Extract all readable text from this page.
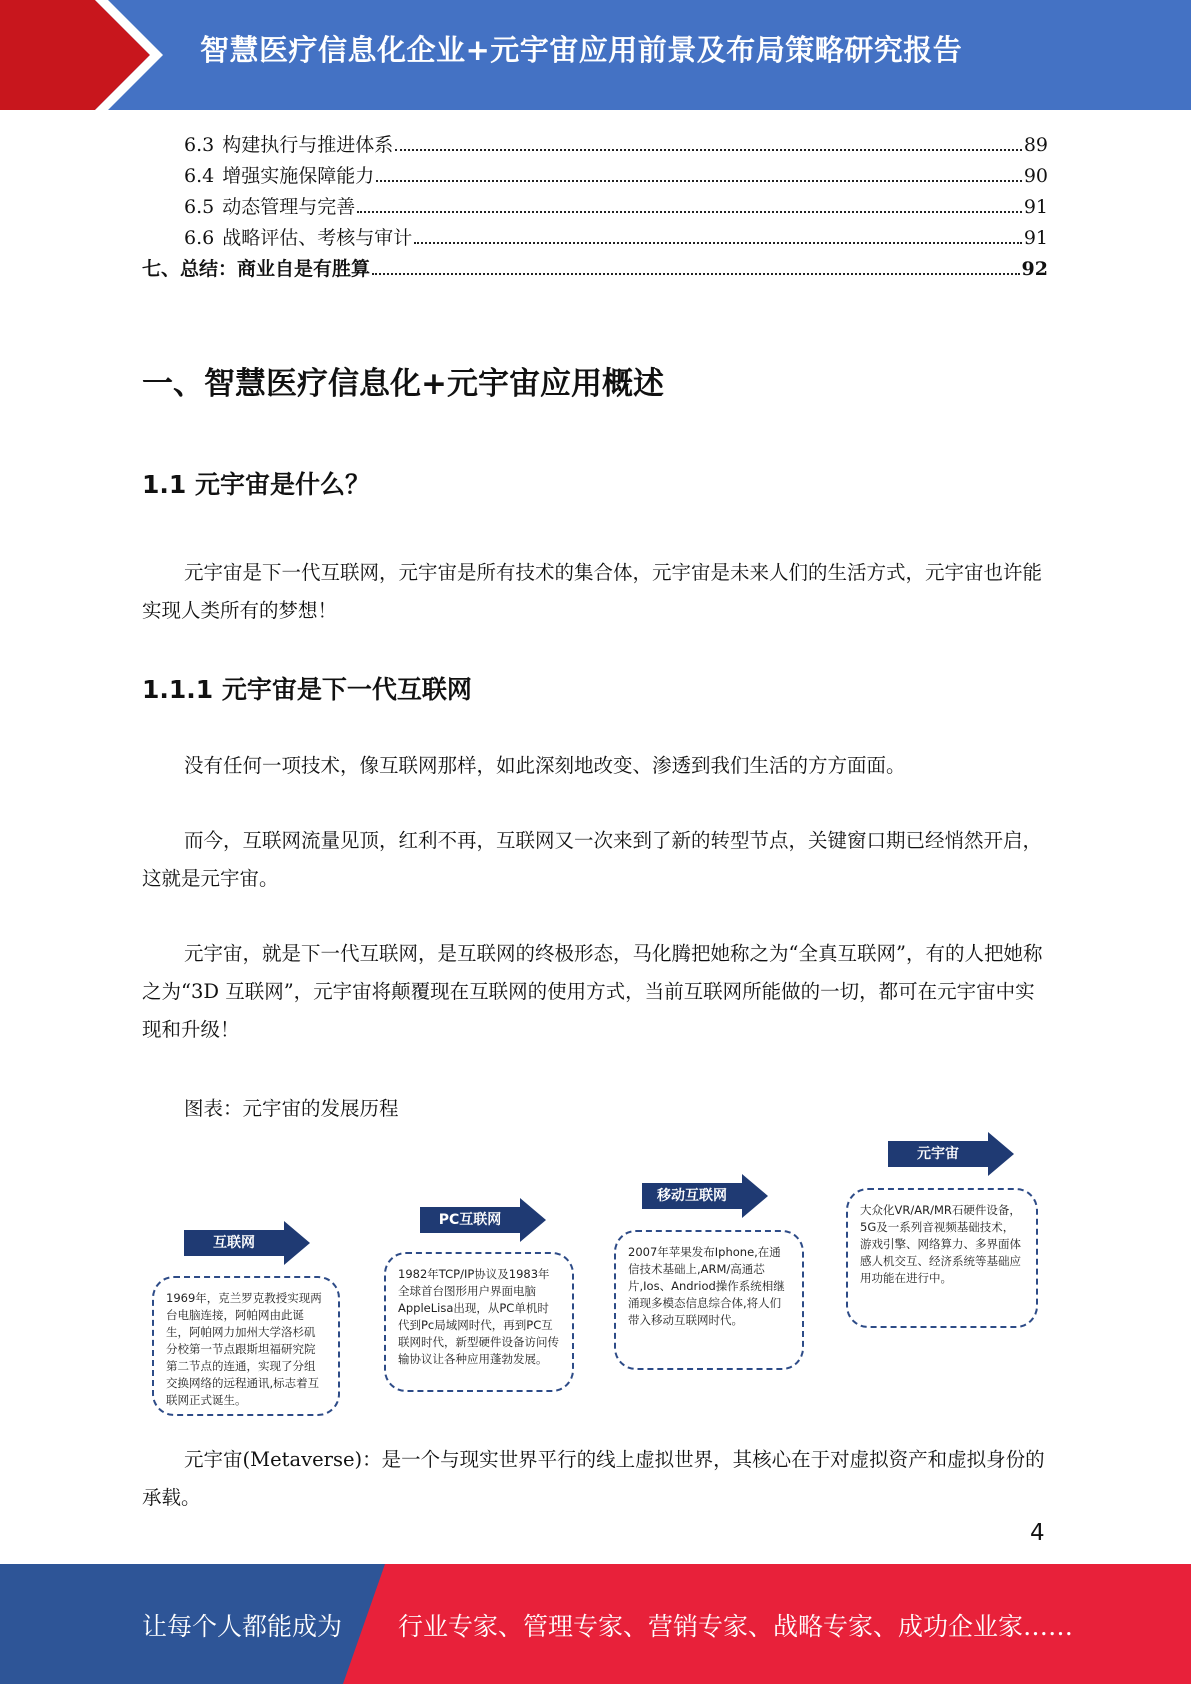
智慧医疗信息化企业+元宇宙应用前景及布局策略研究报告
6.3 构建执行与推进体系	89
6.4 增强实施保障能力	90
6.5 动态管理与完善	91
6.6 战略评估、考核与审计	91
七、总结：商业自是有胜算	92
一、智慧医疗信息化+元宇宙应用概述
1.1 元宇宙是什么？
元宇宙是下一代互联网，元宇宙是所有技术的集合体，元宇宙是未来人们的生活方式，元宇宙也许能实现人类所有的梦想！
1.1.1 元宇宙是下一代互联网
没有任何一项技术，像互联网那样，如此深刻地改变、渗透到我们生活的方方面面。
而今，互联网流量见顶，红利不再，互联网又一次来到了新的转型节点，关键窗口期已经悄然开启，这就是元宇宙。
元宇宙，就是下一代互联网，是互联网的终极形态，马化腾把她称之为“全真互联网”，有的人把她称之为“3D 互联网”，元宇宙将颠覆现在互联网的使用方式，当前互联网所能做的一切，都可在元宇宙中实现和升级！
图表：元宇宙的发展历程
互联网
1969年，克兰罗克教授实现两台电脑连接，阿帕网由此诞生，阿帕网力加州大学洛杉矶分校第一节点跟斯坦福研究院第二节点的连通，实现了分组交换网络的远程通讯,标志着互联网正式诞生。
PC互联网
1982年TCP/IP协议及1983年全球首台图形用户界面电脑AppleLisa出现，从PC单机时代到Pc局域网时代，再到PC互联网时代，新型硬件设备访问传输协议让各种应用蓬勃发展。
移动互联网
2007年苹果发布Iphone,在通信技术基础上,ARM/高通芯片,Ios、Andriod操作系统相继涌现多模态信息综合体,将人们带入移动互联网时代。
元宇宙
大众化VR/AR/MR石硬件设备，5G及一系列音视频基础技术，游戏引擎、网络算力、多界面体感人机交互、经济系统等基础应用功能在进行中。
元宇宙(Metaverse)：是一个与现实世界平行的线上虚拟世界，其核心在于对虚拟资产和虚拟身份的承载。
4
让每个人都能成为 行业专家、管理专家、营销专家、战略专家、成功企业家……
